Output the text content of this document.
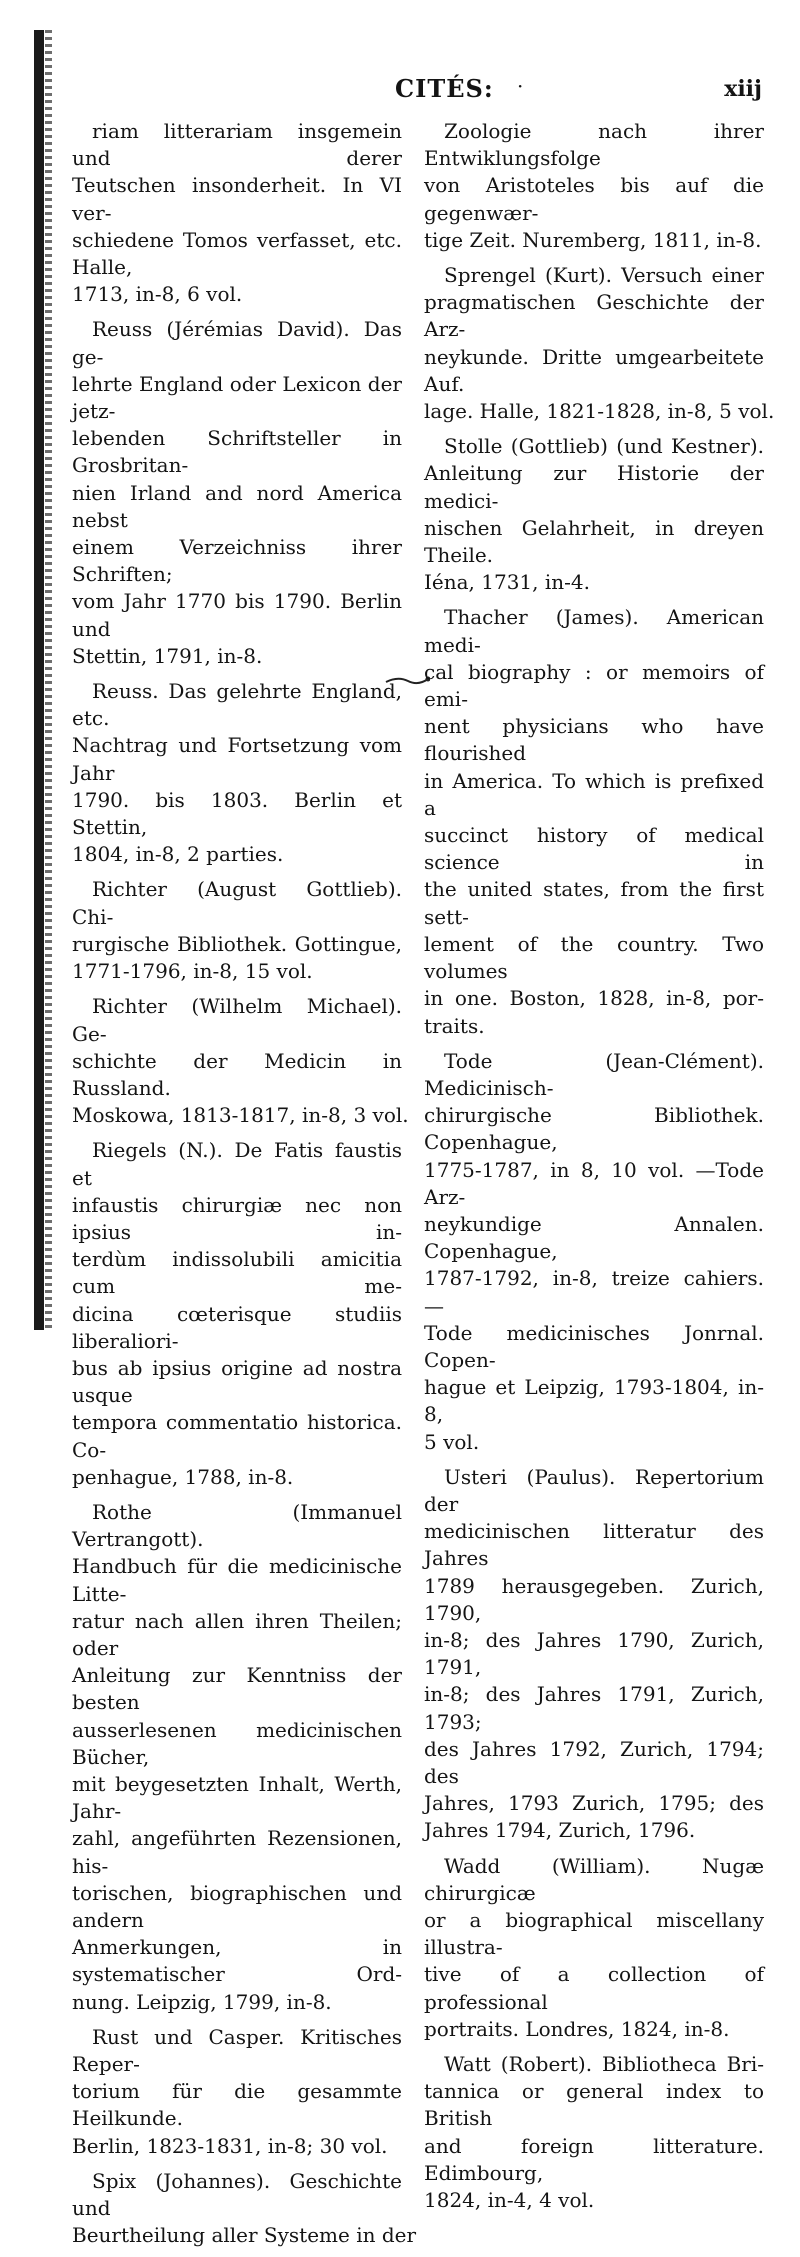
CITÉS: ·	xiij
riam litterariam insgemein und derer
Teutschen insonderheit. In VI ver-
schiedene Tomos verfasset, etc. Halle,
1713, in-8, 6 vol.
Reuss (Jérémias David). Das ge-
lehrte England oder Lexicon der jetz-
lebenden Schriftsteller in Grosbritan-
nien Irland and nord America nebst
einem Verzeichniss ihrer Schriften;
vom Jahr 1770 bis 1790. Berlin und
Stettin, 1791, in-8.
Reuss. Das gelehrte England, etc.
Nachtrag und Fortsetzung vom Jahr
1790. bis 1803. Berlin et Stettin,
1804, in-8, 2 parties.
Richter (August Gottlieb). Chi-
rurgische Bibliothek. Gottingue,
1771-1796, in-8, 15 vol.
Richter (Wilhelm Michael). Ge-
schichte der Medicin in Russland.
Moskowa, 1813-1817, in-8, 3 vol.
Riegels (N.). De Fatis faustis et
infaustis chirurgiæ nec non ipsius in-
terdùm indissolubili amicitia cum me-
dicina cœterisque studiis liberaliori-
bus ab ipsius origine ad nostra usque
tempora commentatio historica. Co-
penhague, 1788, in-8.
Rothe (Immanuel Vertrangott).
Handbuch für die medicinische Litte-
ratur nach allen ihren Theilen; oder
Anleitung zur Kenntniss der besten
ausserlesenen medicinischen Bücher,
mit beygesetzten Inhalt, Werth, Jahr-
zahl, angeführten Rezensionen, his-
torischen, biographischen und andern
Anmerkungen, in systematischer Ord-
nung. Leipzig, 1799, in-8.
Rust und Casper. Kritisches Reper-
torium für die gesammte Heilkunde.
Berlin, 1823-1831, in-8; 30 vol.
Spix (Johannes). Geschichte und
Beurtheilung aller Systeme in der
Zoologie nach ihrer Entwiklungsfolge
von Aristoteles bis auf die gegenwær-
tige Zeit. Nuremberg, 1811, in-8.
Sprengel (Kurt). Versuch einer
pragmatischen Geschichte der Arz-
neykunde. Dritte umgearbeitete Auf.
lage. Halle, 1821-1828, in-8, 5 vol.
Stolle (Gottlieb) (und Kestner).
Anleitung zur Historie der medici-
nischen Gelahrheit, in dreyen Theile.
Iéna, 1731, in-4.
Thacher (James). American medi-
cal biography : or memoirs of emi-
nent physicians who have flourished
in America. To which is prefixed a
succinct history of medical science in
the united states, from the first sett-
lement of the country. Two volumes
in one. Boston, 1828, in-8, por-
traits.
Tode (Jean-Clément). Medicinisch-
chirurgische Bibliothek. Copenhague,
1775-1787, in 8, 10 vol. —Tode Arz-
neykundige Annalen. Copenhague,
1787-1792, in-8, treize cahiers. —
Tode medicinisches Jonrnal. Copen-
hague et Leipzig, 1793-1804, in-8,
5 vol.
Usteri (Paulus). Repertorium der
medicinischen litteratur des Jahres
1789 herausgegeben. Zurich, 1790,
in-8; des Jahres 1790, Zurich, 1791,
in-8; des Jahres 1791, Zurich, 1793;
des Jahres 1792, Zurich, 1794; des
Jahres, 1793 Zurich, 1795; des
Jahres 1794, Zurich, 1796.
Wadd (William). Nugæ chirurgicæ
or a biographical miscellany illustra-
tive of a collection of professional
portraits. Londres, 1824, in-8.
Watt (Robert). Bibliotheca Bri-
tannica or general index to British
and foreign litterature. Edimbourg,
1824, in-4, 4 vol.
